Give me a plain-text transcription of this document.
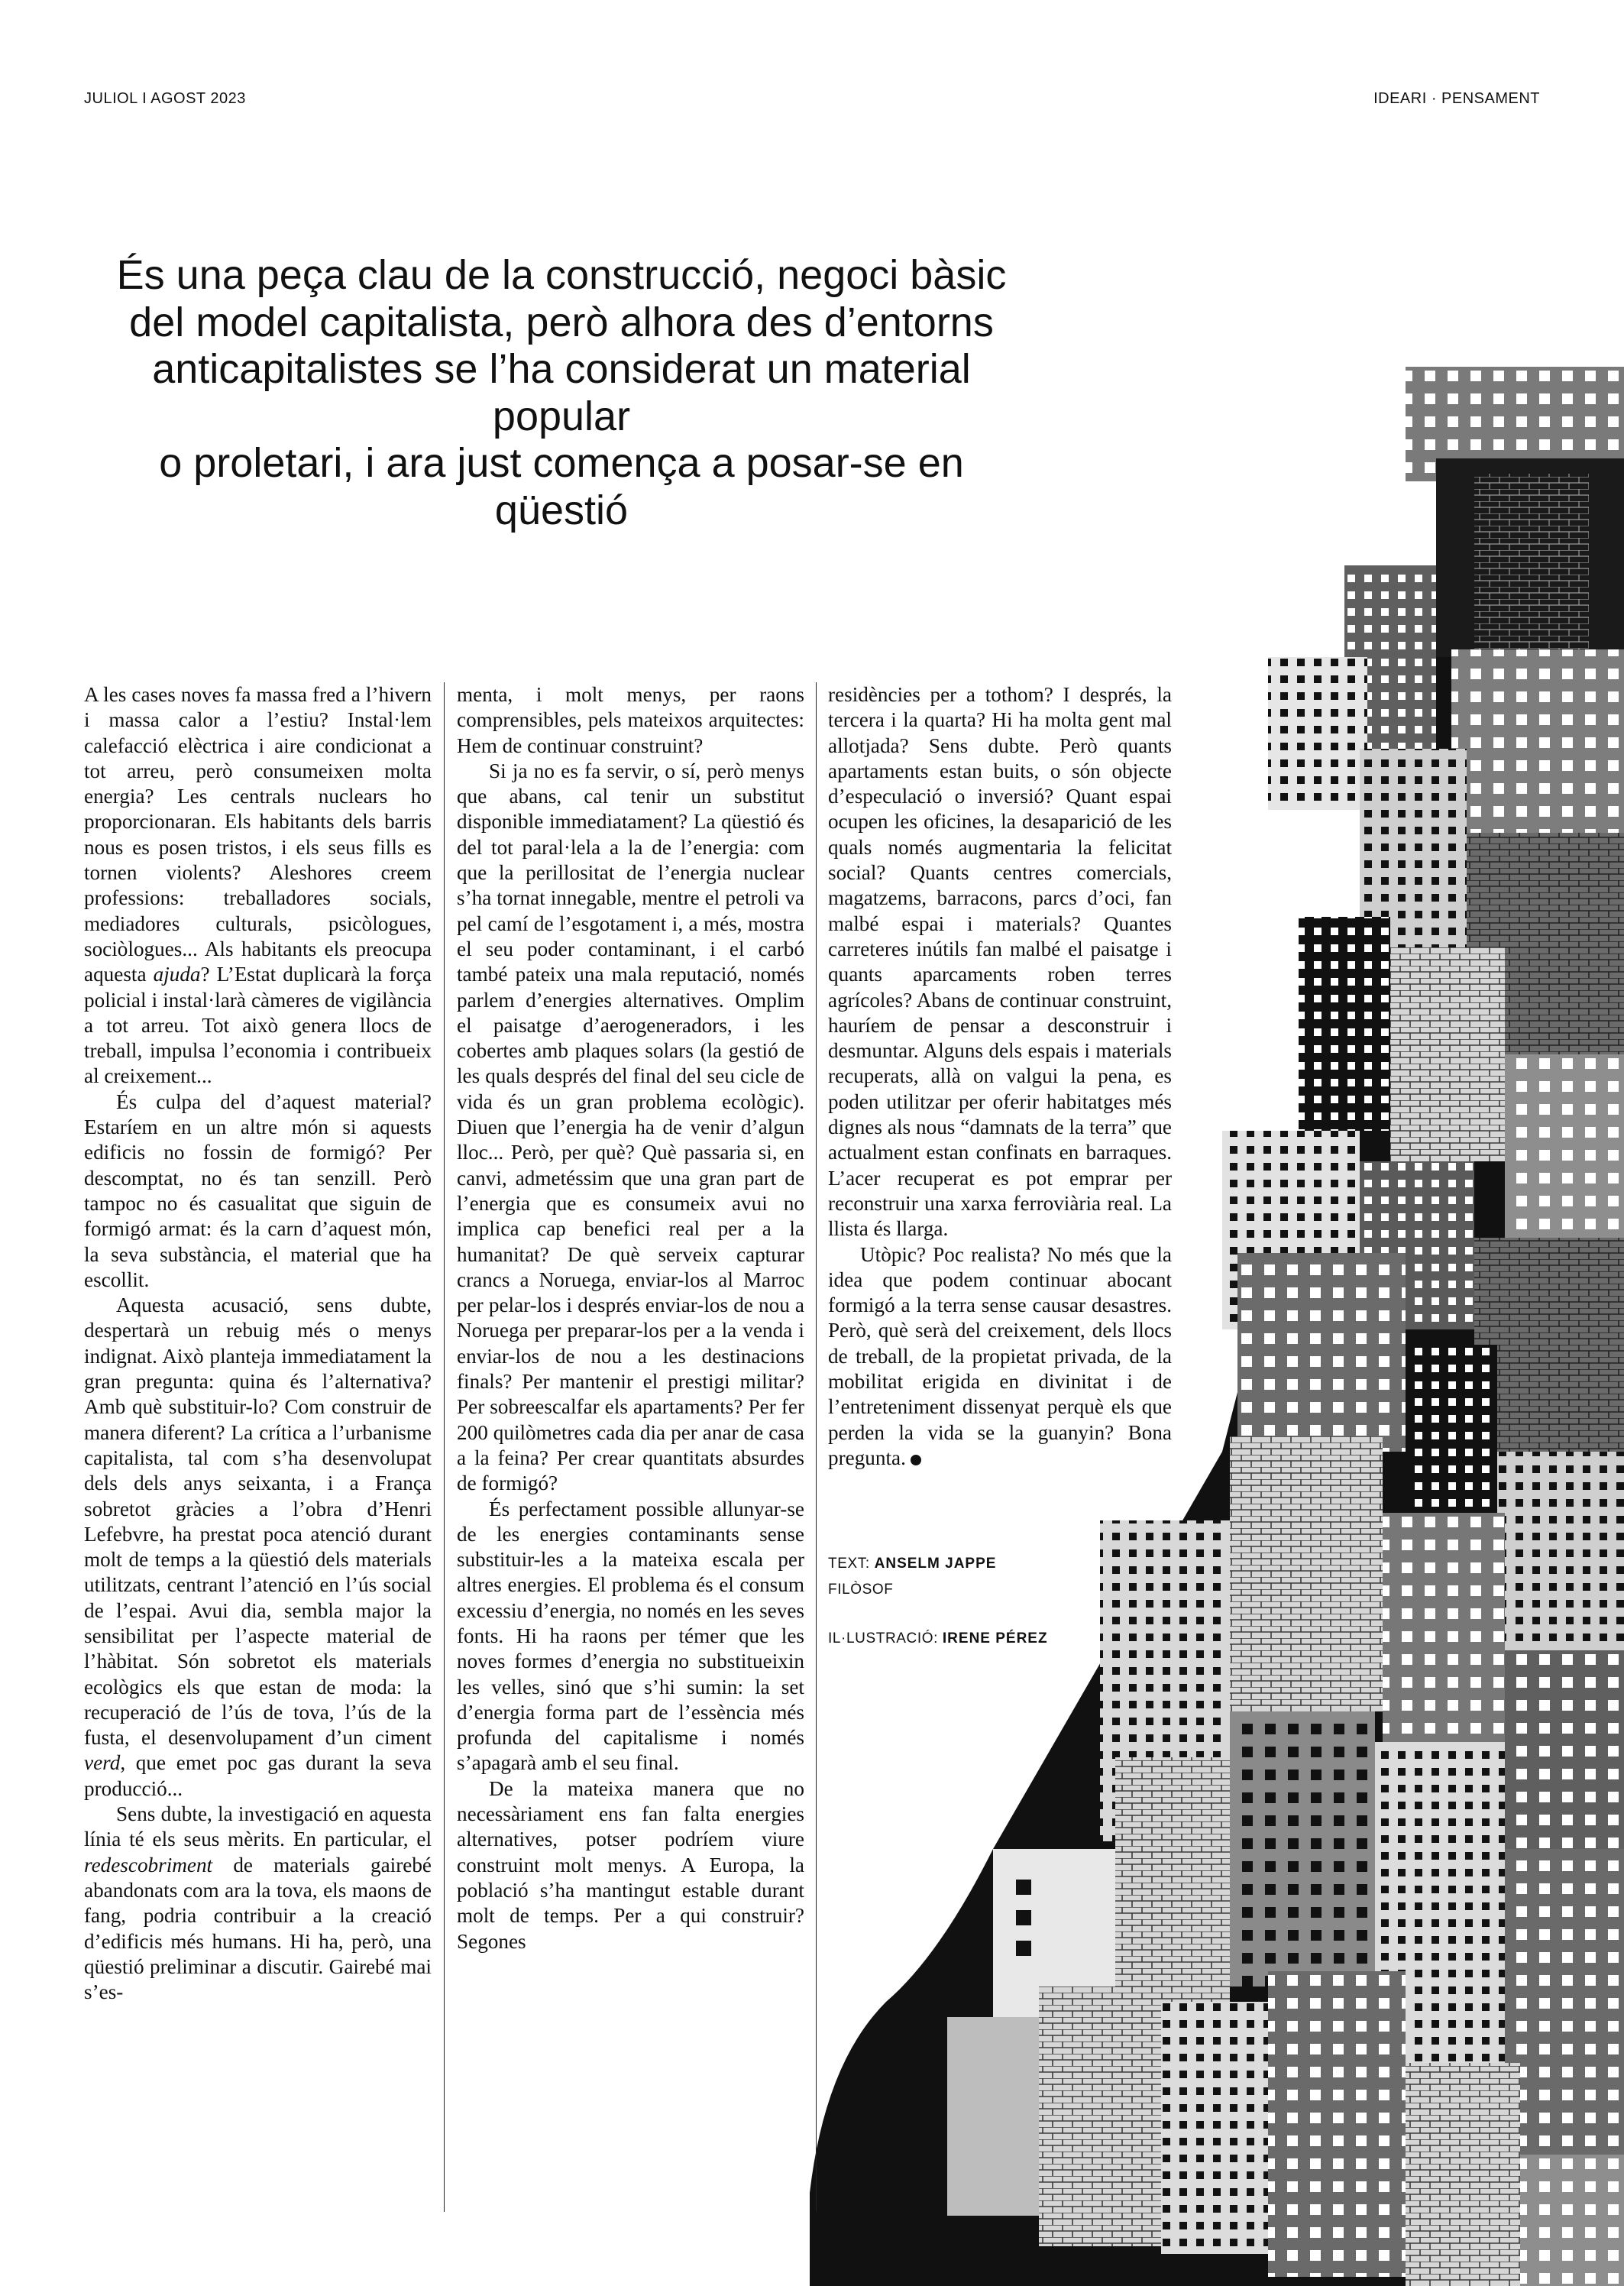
JULIOL I AGOST 2023	IDEARI · PENSAMENT
És una peça clau de la construcció, negoci bàsic
del model capitalista, però alhora des d’entorns
anticapitalistes se l’ha considerat un material popular
o proletari, i ara just comença a posar-se en qüestió

A les cases noves fa massa fred a l’hivern i massa calor a l’estiu? Instal·lem calefacció elèctrica i aire condicionat a tot arreu, però consumeixen molta energia? Les centrals nuclears ho proporcionaran. Els habitants dels barris nous es posen tristos, i els seus fills es tornen violents? Aleshores creem professions: treballadores socials, mediadores culturals, psicòlogues, sociòlogues... Als habitants els preocupa aquesta ajuda? L’Estat duplicarà la força policial i instal·larà càmeres de vigilància a tot arreu. Tot això genera llocs de treball, impulsa l’economia i contribueix al creixement...

És culpa del d’aquest material? Estaríem en un altre món si aquests edificis no fossin de formigó? Per descomptat, no és tan senzill. Però tampoc no és casualitat que siguin de formigó armat: és la carn d’aquest món, la seva substància, el material que ha escollit.

Aquesta acusació, sens dubte, despertarà un rebuig més o menys indignat. Això planteja immediatament la gran pregunta: quina és l’alternativa? Amb què substituir-lo? Com construir de manera diferent? La crítica a l’urbanisme capitalista, tal com s’ha desenvolupat dels dels anys seixanta, i a França sobretot gràcies a l’obra d’Henri Lefebvre, ha prestat poca atenció durant molt de temps a la qüestió dels materials utilitzats, centrant l’atenció en l’ús social de l’espai. Avui dia, sembla major la sensibilitat per l’aspecte material de l’hàbitat. Són sobretot els materials ecològics els que estan de moda: la recuperació de l’ús de tova, l’ús de la fusta, el desenvolupament d’un ciment verd, que emet poc gas durant la seva producció...

Sens dubte, la investigació en aquesta línia té els seus mèrits. En particular, el redescobriment de materials gairebé abandonats com ara la tova, els maons de fang, podria contribuir a la creació d’edificis més humans. Hi ha, però, una qüestió preliminar a discutir. Gairebé mai s’es-

menta, i molt menys, per raons comprensibles, pels mateixos arquitectes: Hem de continuar construint?

Si ja no es fa servir, o sí, però menys que abans, cal tenir un substitut disponible immediatament? La qüestió és del tot paral·lela a la de l’energia: com que la perillositat de l’energia nuclear s’ha tornat innegable, mentre el petroli va pel camí de l’esgotament i, a més, mostra el seu poder contaminant, i el carbó també pateix una mala reputació, només parlem d’energies alternatives. Omplim el paisatge d’aerogeneradors, i les cobertes amb plaques solars (la gestió de les quals després del final del seu cicle de vida és un gran problema ecològic). Diuen que l’energia ha de venir d’algun lloc... Però, per què? Què passaria si, en canvi, admetéssim que una gran part de l’energia que es consumeix avui no implica cap benefici real per a la humanitat? De què serveix capturar crancs a Noruega, enviar-los al Marroc per pelar-los i després enviar-los de nou a Noruega per preparar-los per a la venda i enviar-los de nou a les destinacions finals? Per mantenir el prestigi militar? Per sobreescalfar els apartaments? Per fer 200 quilòmetres cada dia per anar de casa a la feina? Per crear quantitats absurdes de formigó?

És perfectament possible allunyar-se de les energies contaminants sense substituir-les a la mateixa escala per altres energies. El problema és el consum excessiu d’energia, no només en les seves fonts. Hi ha raons per témer que les noves formes d’energia no substitueixin les velles, sinó que s’hi sumin: la set d’energia forma part de l’essència més profunda del capitalisme i només s’apagarà amb el seu final.

De la mateixa manera que no necessàriament ens fan falta energies alternatives, potser podríem viure construint molt menys. A Europa, la població s’ha mantingut estable durant molt de temps. Per a qui construir? Segones

residències per a tothom? I després, la tercera i la quarta? Hi ha molta gent mal allotjada? Sens dubte. Però quants apartaments estan buits, o són objecte d’especulació o inversió? Quant espai ocupen les oficines, la desaparició de les quals només augmentaria la felicitat social? Quants centres comercials, magatzems, barracons, parcs d’oci, fan malbé espai i materials? Quantes carreteres inútils fan malbé el paisatge i quants aparcaments roben terres agrícoles? Abans de continuar construint, hauríem de pensar a desconstruir i desmuntar. Alguns dels espais i materials recuperats, allà on valgui la pena, es poden utilitzar per oferir habitatges més dignes als nous “damnats de la terra” que actualment estan confinats en barraques. L’acer recuperat es pot emprar per reconstruir una xarxa ferroviària real. La llista és llarga.

Utòpic? Poc realista? No més que la idea que podem continuar abocant formigó a la terra sense causar desastres. Però, què serà del creixement, dels llocs de treball, de la propietat privada, de la mobilitat erigida en divinitat i de l’entreteniment dissenyat perquè els que perden la vida se la guanyin? Bona pregunta.

TEXT: ANSELM JAPPE
FILÒSOF
IL·LUSTRACIÓ: IRENE PÉREZ
